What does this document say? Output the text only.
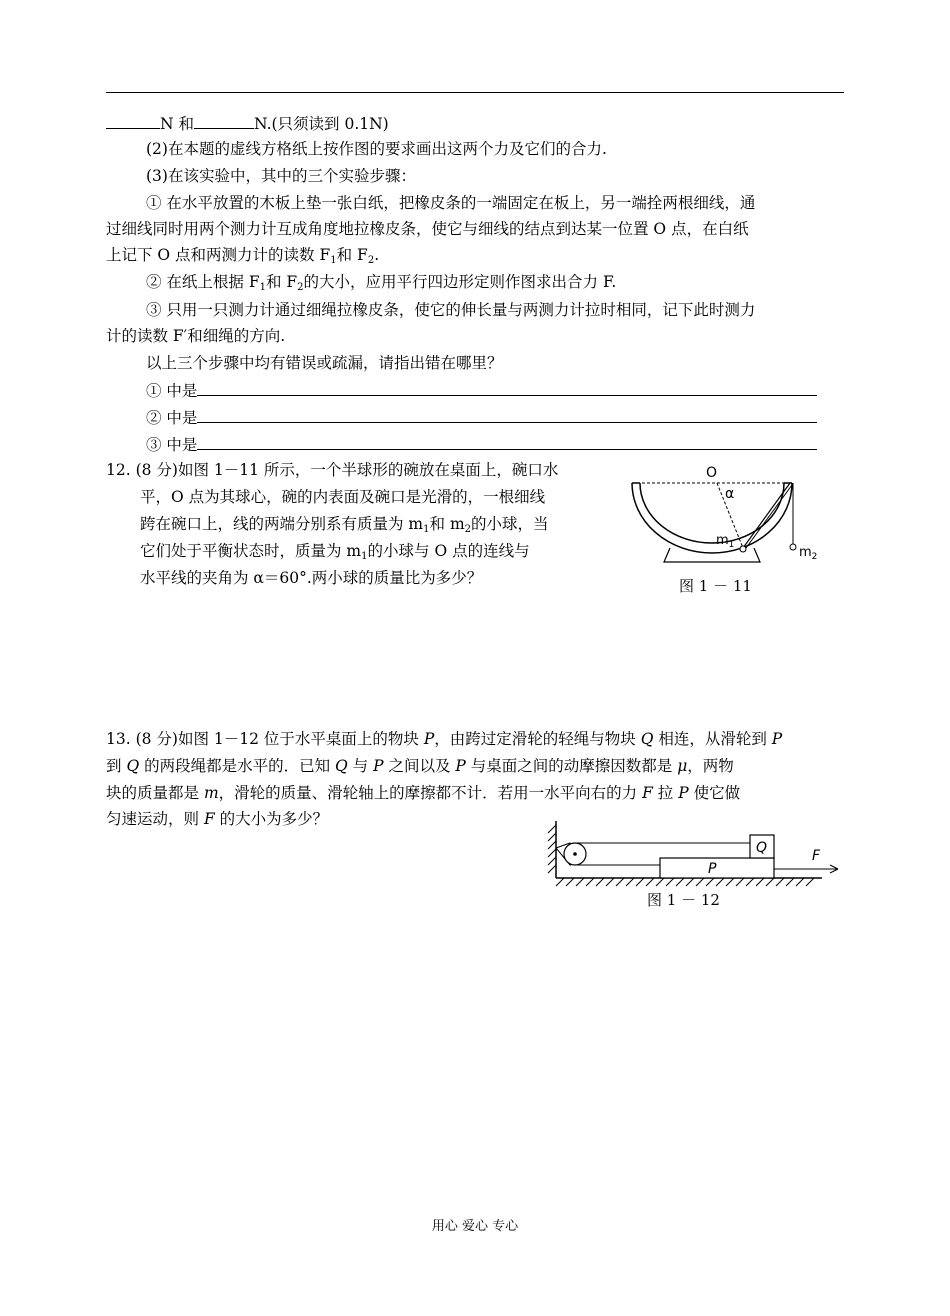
N 和	N.(只须读到 0.1N)
(2)在本题的虚线方格纸上按作图的要求画出这两个力及它们的合力.
(3)在该实验中，其中的三个实验步骤：
① 在水平放置的木板上垫一张白纸，把橡皮条的一端固定在板上，另一端拴两根细线，通
过细线同时用两个测力计互成角度地拉橡皮条，使它与细线的结点到达某一位置 O 点，在白纸
上记下 O 点和两测力计的读数 $F_1$和 $F_2$.
② 在纸上根据 $F_1$和 $F_2$的大小，应用平行四边形定则作图求出合力 F.
③ 只用一只测力计通过细绳拉橡皮条，使它的伸长量与两测力计拉时相同，记下此时测力
计的读数 F′和细绳的方向.
以上三个步骤中均有错误或疏漏，请指出错在哪里？
① 中是
② 中是
③ 中是
12. (8 分)如图 1－11 所示，一个半球形的碗放在桌面上，碗口水
平，O 点为其球心，碗的内表面及碗口是光滑的，一根细线
跨在碗口上，线的两端分别系有质量为 $m_1$和 $m_2$的小球，当
它们处于平衡状态时，质量为 $m_1$的小球与 O 点的连线与
水平线的夹角为 α＝60°.两小球的质量比为多少？
O
α
$m_1$	$m_2$
图 1 － 11
13. (8 分)如图 1－12 位于水平桌面上的物块 P，由跨过定滑轮的轻绳与物块 Q 相连，从滑轮到 P
到 Q 的两段绳都是水平的．已知 Q 与 P 之间以及 P 与桌面之间的动摩擦因数都是 μ，两物
块的质量都是 m，滑轮的质量、滑轮轴上的摩擦都不计．若用一水平向右的力 F 拉 P 使它做
匀速运动，则 F 的大小为多少？
Q
P
F
图 1 － 12
用心 爱心 专心
